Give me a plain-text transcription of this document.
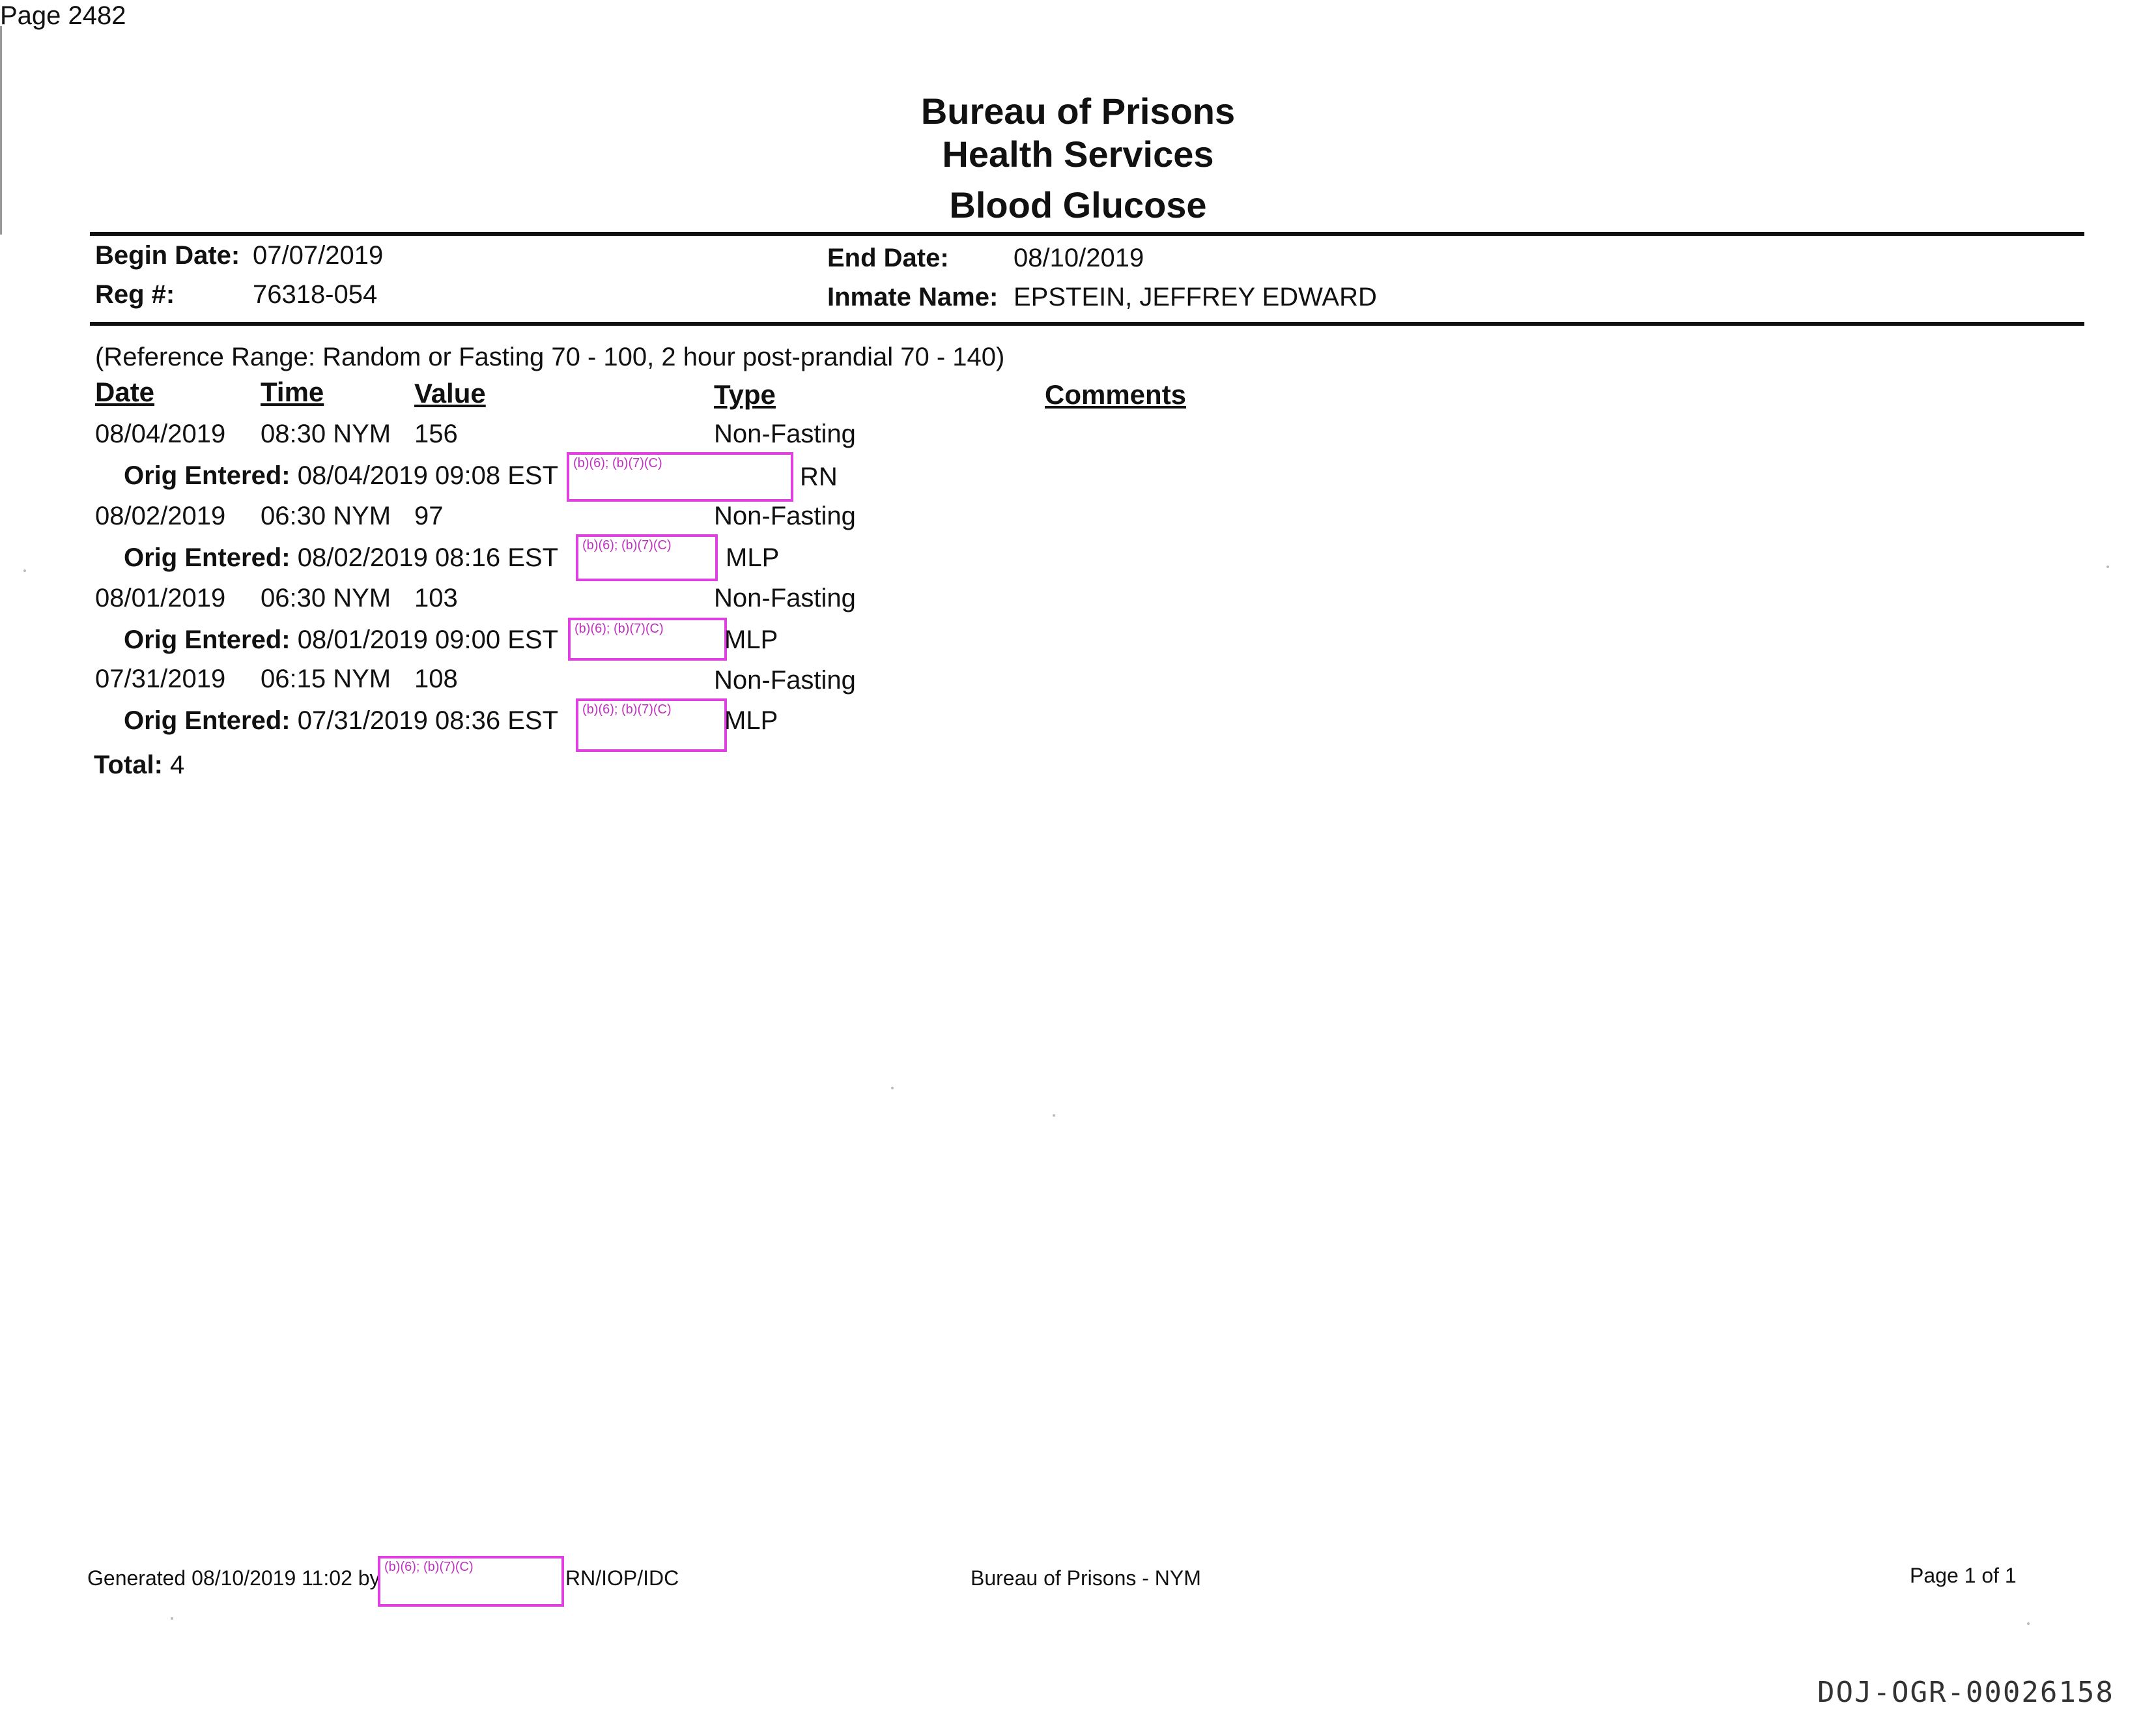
Page 2482
Bureau of Prisons
Health Services
Blood Glucose
Begin Date: 07/07/2019	End Date: 08/10/2019
Reg #:	76318-054	Inmate Name: EPSTEIN, JEFFREY EDWARD
(Reference Range: Random or Fasting 70 - 100, 2 hour post-prandial 70 - 140)
Date	Time	Value	Type	Comments
08/04/2019 08:30 NYM 156	Non-Fasting
Orig Entered: 08/04/2019 09:08 EST (b)(6); (b)(7)(C)	RN
08/02/2019 06:30 NYM 97	Non-Fasting
Orig Entered: 08/02/2019 08:16 EST (b)(6); (b)(7)(C) MLP
08/01/2019 06:30 NYM 103	Non-Fasting
Orig Entered: 08/01/2019 09:00 EST (b)(6); (b)(7)(C) MLP
07/31/2019 06:15 NYM 108	Non-Fasting
Orig Entered: 07/31/2019 08:36 EST (b)(6); (b)(7)(C) MLP
Total: 4
Generated 08/10/2019 11:02 by (b)(6); (b)(7)(C)	RN/IOP/IDC	Bureau of Prisons - NYM	Page 1 of 1
DOJ-OGR-00026158
